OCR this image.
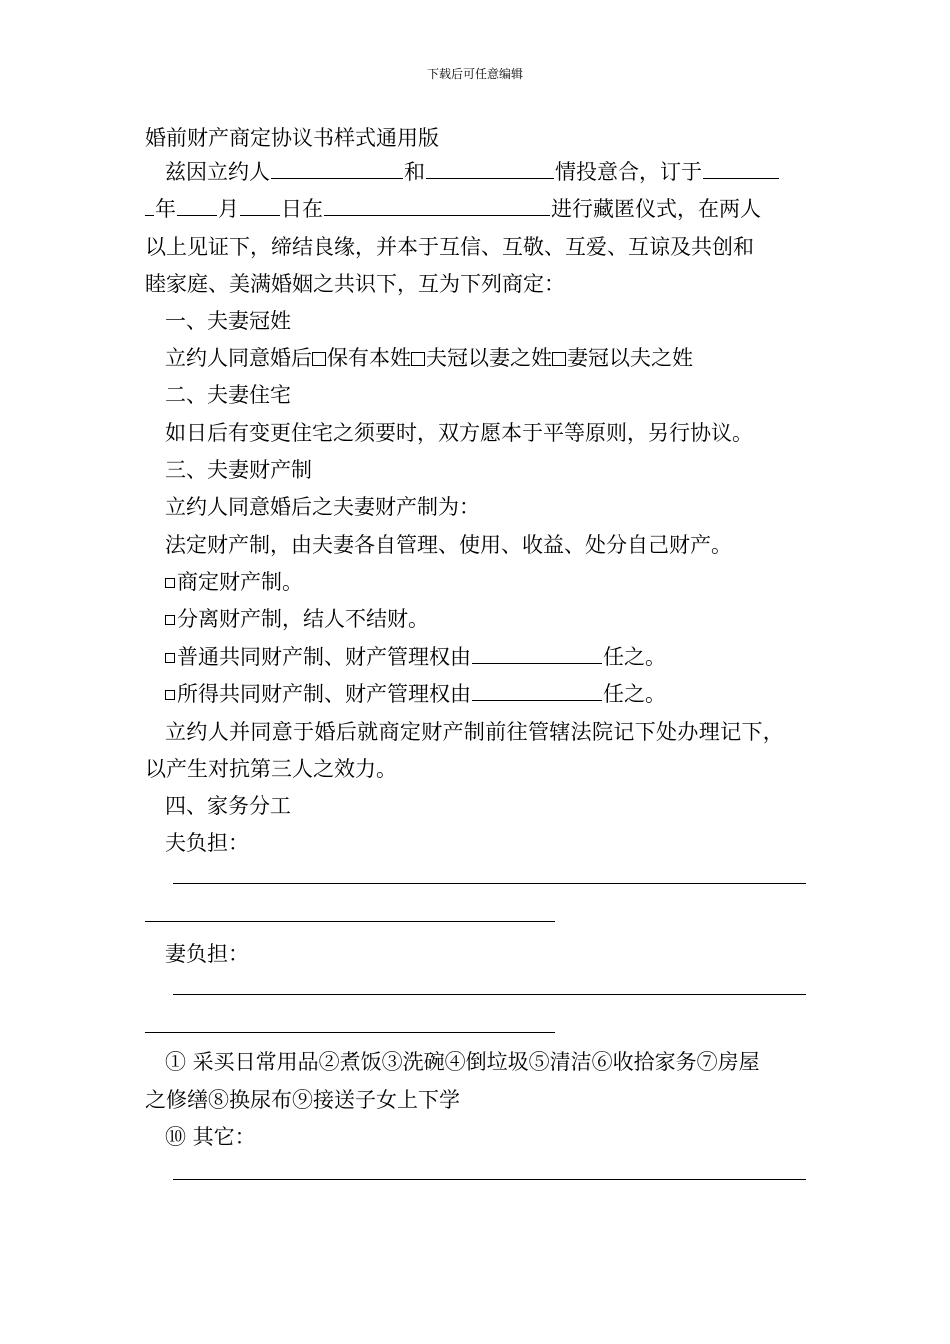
下载后可任意编辑
婚前财产商定协议书样式通用版
兹因立约人	和	情投意合，订于
年 月 日在	进行藏匿仪式，在两人
以上见证下，缔结良缘，并本于互信、互敬、互爱、互谅及共创和
睦家庭、美满婚姻之共识下，互为下列商定：
一、夫妻冠姓
立约人同意婚后 保有本姓 夫冠以妻之姓 妻冠以夫之姓
二、夫妻住宅
如日后有变更住宅之须要时，双方愿本于平等原则，另行协议。
三、夫妻财产制
立约人同意婚后之夫妻财产制为：
法定财产制，由夫妻各自管理、使用、收益、处分自己财产。
商定财产制。
分离财产制，结人不结财。
普通共同财产制、财产管理权由	任之。
所得共同财产制、财产管理权由	任之。
立约人并同意于婚后就商定财产制前往管辖法院记下处办理记下，
以产生对抗第三人之效力。
四、家务分工
夫负担：
妻负担：
① 采买日常用品②煮饭③洗碗④倒垃圾⑤清洁⑥收拾家务⑦房屋
之修缮⑧换尿布⑨接送子女上下学
⑩ 其它：
